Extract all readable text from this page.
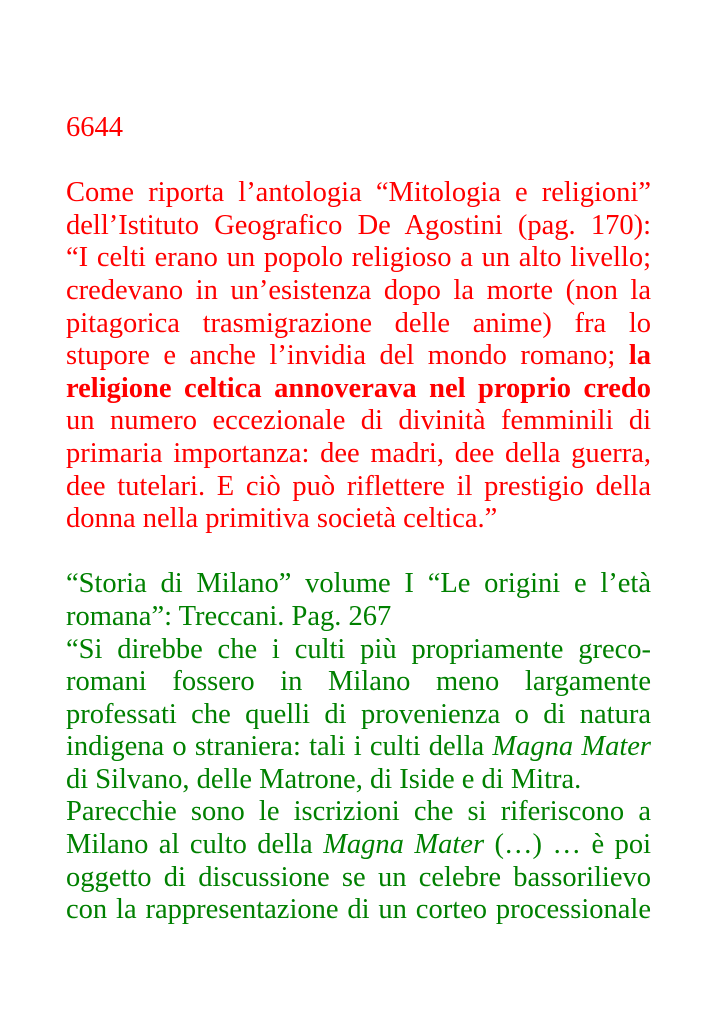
6644
Come riporta l’antologia “Mitologia e religioni”
dell’Istituto Geografico De Agostini (pag. 170):
“I celti erano un popolo religioso a un alto livello;
credevano in un’esistenza dopo la morte (non la
pitagorica trasmigrazione delle anime) fra lo
stupore e anche l’invidia del mondo romano; la
religione celtica annoverava nel proprio credo
un numero eccezionale di divinità femminili di
primaria importanza: dee madri, dee della guerra,
dee tutelari. E ciò può riflettere il prestigio della
donna nella primitiva società celtica.”
“Storia di Milano” volume I “Le origini e l’età
romana”: Treccani. Pag. 267
“Si direbbe che i culti più propriamente greco-
romani fossero in Milano meno largamente
professati che quelli di provenienza o di natura
indigena o straniera: tali i culti della Magna Mater
di Silvano, delle Matrone, di Iside e di Mitra.
Parecchie sono le iscrizioni che si riferiscono a
Milano al culto della Magna Mater (…) … è poi
oggetto di discussione se un celebre bassorilievo
con la rappresentazione di un corteo processionale
